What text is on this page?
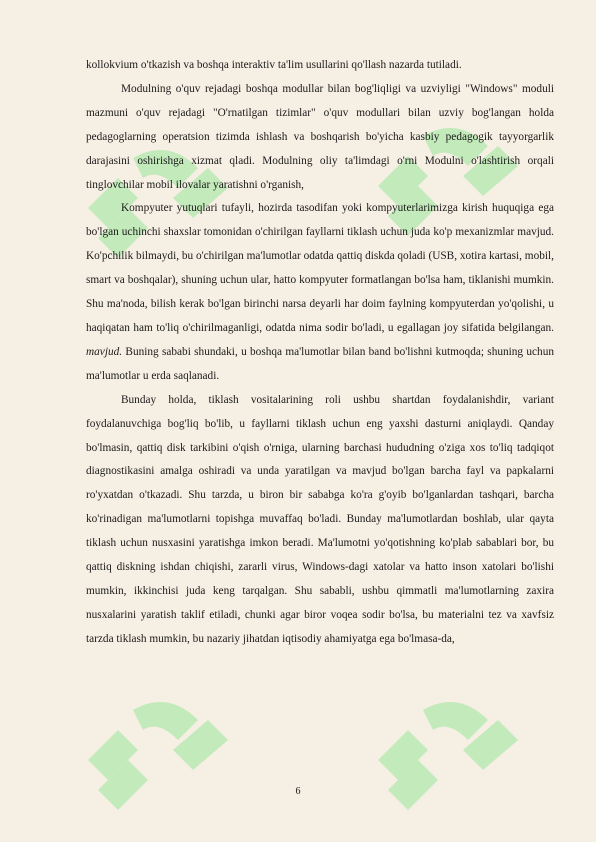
kollokvium o'tkazish va boshqa interaktiv ta'lim usullarini qo'llash nazarda tutiladi.

Modulning o'quv rejadagi boshqa modullar bilan bog'liqligi va uzviyligi "Windows" moduli mazmuni o'quv rejadagi "O'rnatilgan tizimlar" o'quv modullari bilan uzviy bog'langan holda pedagoglarning operatsion tizimda ishlash va boshqarish bo'yicha kasbiy pedagogik tayyorgarlik darajasini oshirishga xizmat qladi. Modulning oliy ta'limdagi o'rni Modulni o'lashtirish orqali tinglovchilar mobil ilovalar yaratishni o'rganish,

Kompyuter yutuqlari tufayli, hozirda tasodifan yoki kompyuterlarimizga kirish huquqiga ega bo'lgan uchinchi shaxslar tomonidan o'chirilgan fayllarni tiklash uchun juda ko'p mexanizmlar mavjud. Ko'pchilik bilmaydi, bu o'chirilgan ma'lumotlar odatda qattiq diskda qoladi (USB, xotira kartasi, mobil, smart va boshqalar), shuning uchun ular, hatto kompyuter formatlangan bo'lsa ham, tiklanishi mumkin. Shu ma'noda, bilish kerak bo'lgan birinchi narsa deyarli har doim faylning kompyuterdan yo'qolishi, u haqiqatan ham to'liq o'chirilmaganligi, odatda nima sodir bo'ladi, u egallagan joy sifatida belgilangan. mavjud. Buning sababi shundaki, u boshqa ma'lumotlar bilan band bo'lishni kutmoqda; shuning uchun ma'lumotlar u erda saqlanadi.

Bunday holda, tiklash vositalarining roli ushbu shartdan foydalanishdir, variant foydalanuvchiga bog'liq bo'lib, u fayllarni tiklash uchun eng yaxshi dasturni aniqlaydi. Qanday bo'lmasin, qattiq disk tarkibini o'qish o'rniga, ularning barchasi hududning o'ziga xos to'liq tadqiqot diagnostikasini amalga oshiradi va unda yaratilgan va mavjud bo'lgan barcha fayl va papkalarni ro'yxatdan o'tkazadi. Shu tarzda, u biron bir sababga ko'ra g'oyib bo'lganlardan tashqari, barcha ko'rinadigan ma'lumotlarni topishga muvaffaq bo'ladi. Bunday ma'lumotlardan boshlab, ular qayta tiklash uchun nusxasini yaratishga imkon beradi. Ma'lumotni yo'qotishning ko'plab sabablari bor, bu qattiq diskning ishdan chiqishi, zararli virus, Windows-dagi xatolar va hatto inson xatolari bo'lishi mumkin, ikkinchisi juda keng tarqalgan. Shu sababli, ushbu qimmatli ma'lumotlarning zaxira nusxalarini yaratish taklif etiladi, chunki agar biror voqea sodir bo'lsa, bu materialni tez va xavfsiz tarzda tiklash mumkin, bu nazariy jihatdan iqtisodiy ahamiyatga ega bo'lmasa-da,

6
